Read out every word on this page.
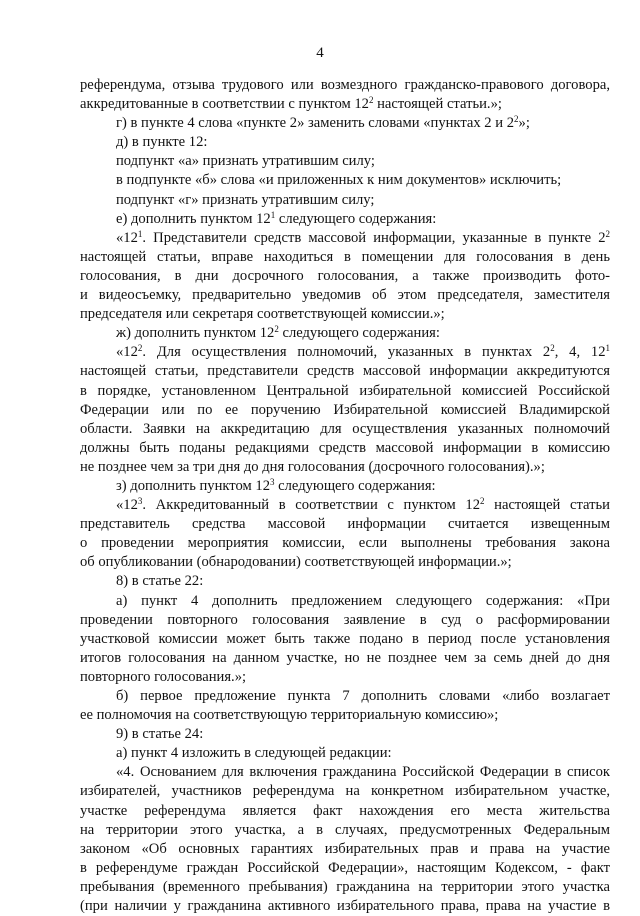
4
референдума, отзыва трудового или возмездного гражданско-правового договора,
аккредитованные в соответствии с пунктом $12^2$ настоящей статьи.»;
г) в пункте 4 слова «пункте 2» заменить словами «пунктах 2 и $2^2$»;
д) в пункте 12:
подпункт «а» признать утратившим силу;
в подпункте «б» слова «и приложенных к ним документов» исключить;
подпункт «г» признать утратившим силу;
е) дополнить пунктом $12^1$ следующего содержания:
«$12^1$. Представители средств массовой информации, указанные в пункте $2^2$
настоящей статьи, вправе находиться в помещении для голосования в день
голосования, в дни досрочного голосования, а также производить фото-
и видеосъемку, предварительно уведомив об этом председателя, заместителя
председателя или секретаря соответствующей комиссии.»;
ж) дополнить пунктом $12^2$ следующего содержания:
«$12^2$. Для осуществления полномочий, указанных в пунктах $2^2$, 4, $12^1$
настоящей статьи, представители средств массовой информации аккредитуются
в порядке, установленном Центральной избирательной комиссией Российской
Федерации или по ее поручению Избирательной комиссией Владимирской
области. Заявки на аккредитацию для осуществления указанных полномочий
должны быть поданы редакциями средств массовой информации в комиссию
не позднее чем за три дня до дня голосования (досрочного голосования).»;
з) дополнить пунктом $12^3$ следующего содержания:
«$12^3$. Аккредитованный в соответствии с пунктом $12^2$ настоящей статьи
представитель средства массовой информации считается извещенным
о проведении мероприятия комиссии, если выполнены требования закона
об опубликовании (обнародовании) соответствующей информации.»;
8) в статье 22:
а) пункт 4 дополнить предложением следующего содержания: «При
проведении повторного голосования заявление в суд о расформировании
участковой комиссии может быть также подано в период после установления
итогов голосования на данном участке, но не позднее чем за семь дней до дня
повторного голосования.»;
б) первое предложение пункта 7 дополнить словами «либо возлагает
ее полномочия на соответствующую территориальную комиссию»;
9) в статье 24:
а) пункт 4 изложить в следующей редакции:
«4. Основанием для включения гражданина Российской Федерации в список
избирателей, участников референдума на конкретном избирательном участке,
участке референдума является факт нахождения его места жительства
на территории этого участка, а в случаях, предусмотренных Федеральным
законом «Об основных гарантиях избирательных прав и права на участие
в референдуме граждан Российской Федерации», настоящим Кодексом, - факт
пребывания (временного пребывания) гражданина на территории этого участка
(при наличии у гражданина активного избирательного права, права на участие в
